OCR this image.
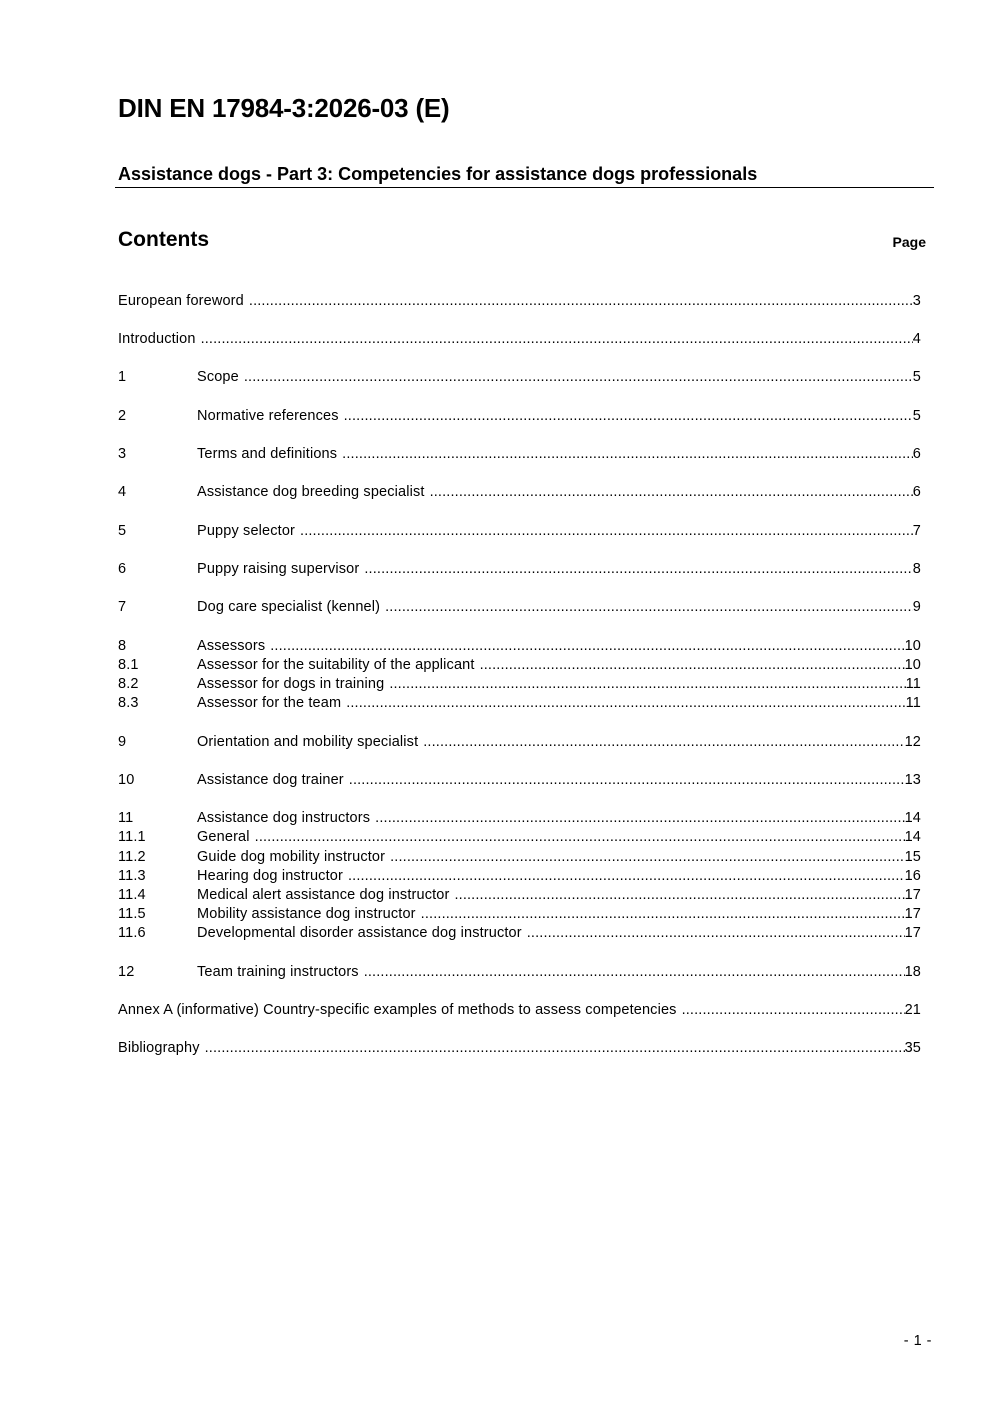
DIN EN 17984-3:2026-03 (E)
Assistance dogs - Part 3: Competencies for assistance dogs professionals
Contents	Page
European foreword .....	3
Introduction .....	4
1	Scope .....	5
2	Normative references .....	5
3	Terms and definitions .....	6
4	Assistance dog breeding specialist .....	6
5	Puppy selector .....	7
6	Puppy raising supervisor .....	8
7	Dog care specialist (kennel) .....	9
8	Assessors .....	10
8.1	Assessor for the suitability of the applicant .....	10
8.2	Assessor for dogs in training .....	11
8.3	Assessor for the team .....	11
9	Orientation and mobility specialist .....	12
10	Assistance dog trainer .....	13
11	Assistance dog instructors .....	14
11.1	General .....	14
11.2	Guide dog mobility instructor .....	15
11.3	Hearing dog instructor .....	16
11.4	Medical alert assistance dog instructor .....	17
11.5	Mobility assistance dog instructor .....	17
11.6	Developmental disorder assistance dog instructor .....	17
12	Team training instructors .....	18
Annex A (informative) Country-specific examples of methods to assess competencies .....	21
Bibliography .....	35
- 1 -
